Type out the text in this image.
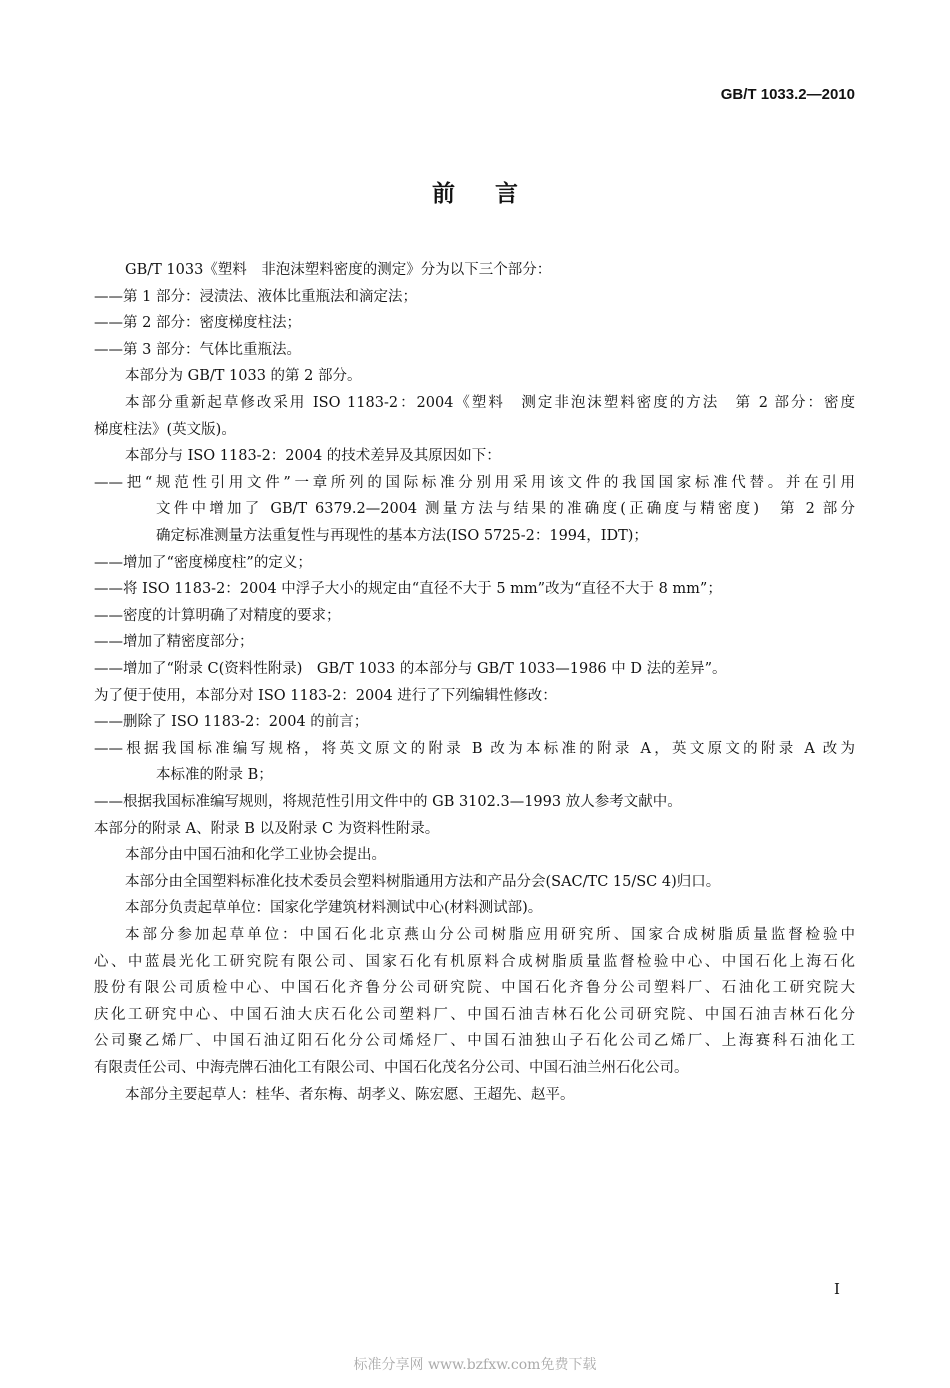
GB/T 1033.2—2010
前言
GB/T 1033《塑料　非泡沫塑料密度的测定》分为以下三个部分：
——第 1 部分：浸渍法、液体比重瓶法和滴定法；
——第 2 部分：密度梯度柱法；
——第 3 部分：气体比重瓶法。
本部分为 GB/T 1033 的第 2 部分。
本部分重新起草修改采用 ISO 1183-2：2004《塑料　测定非泡沫塑料密度的方法　第 2 部分：密度
梯度柱法》(英文版)。
本部分与 ISO 1183-2：2004 的技术差异及其原因如下：
——把“规范性引用文件”一章所列的国际标准分别用采用该文件的我国国家标准代替。并在引用
文件中增加了 GB/T 6379.2—2004 测量方法与结果的准确度(正确度与精密度)　第 2 部分
确定标准测量方法重复性与再现性的基本方法(ISO 5725-2：1994，IDT)；
——增加了“密度梯度柱”的定义；
——将 ISO 1183-2：2004 中浮子大小的规定由“直径不大于 5 mm”改为“直径不大于 8 mm”；
——密度的计算明确了对精度的要求；
——增加了精密度部分；
——增加了“附录 C(资料性附录)　GB/T 1033 的本部分与 GB/T 1033—1986 中 D 法的差异”。
为了便于使用，本部分对 ISO 1183-2：2004 进行了下列编辑性修改：
——删除了 ISO 1183-2：2004 的前言；
——根据我国标准编写规格，将英文原文的附录 B 改为本标准的附录 A，英文原文的附录 A 改为
本标准的附录 B；
——根据我国标准编写规则，将规范性引用文件中的 GB 3102.3—1993 放人参考文献中。
本部分的附录 A、附录 B 以及附录 C 为资料性附录。
本部分由中国石油和化学工业协会提出。
本部分由全国塑料标准化技术委员会塑料树脂通用方法和产品分会(SAC/TC 15/SC 4)归口。
本部分负责起草单位：国家化学建筑材料测试中心(材料测试部)。
本部分参加起草单位：中国石化北京燕山分公司树脂应用研究所、国家合成树脂质量监督检验中
心、中蓝晨光化工研究院有限公司、国家石化有机原料合成树脂质量监督检验中心、中国石化上海石化
股份有限公司质检中心、中国石化齐鲁分公司研究院、中国石化齐鲁分公司塑料厂、石油化工研究院大
庆化工研究中心、中国石油大庆石化公司塑料厂、中国石油吉林石化公司研究院、中国石油吉林石化分
公司聚乙烯厂、中国石油辽阳石化分公司烯烃厂、中国石油独山子石化公司乙烯厂、上海赛科石油化工
有限责任公司、中海壳牌石油化工有限公司、中国石化茂名分公司、中国石油兰州石化公司。
本部分主要起草人：桂华、者东梅、胡孝义、陈宏愿、王超先、赵平。
I
标准分享网 www.bzfxw.com免费下载
